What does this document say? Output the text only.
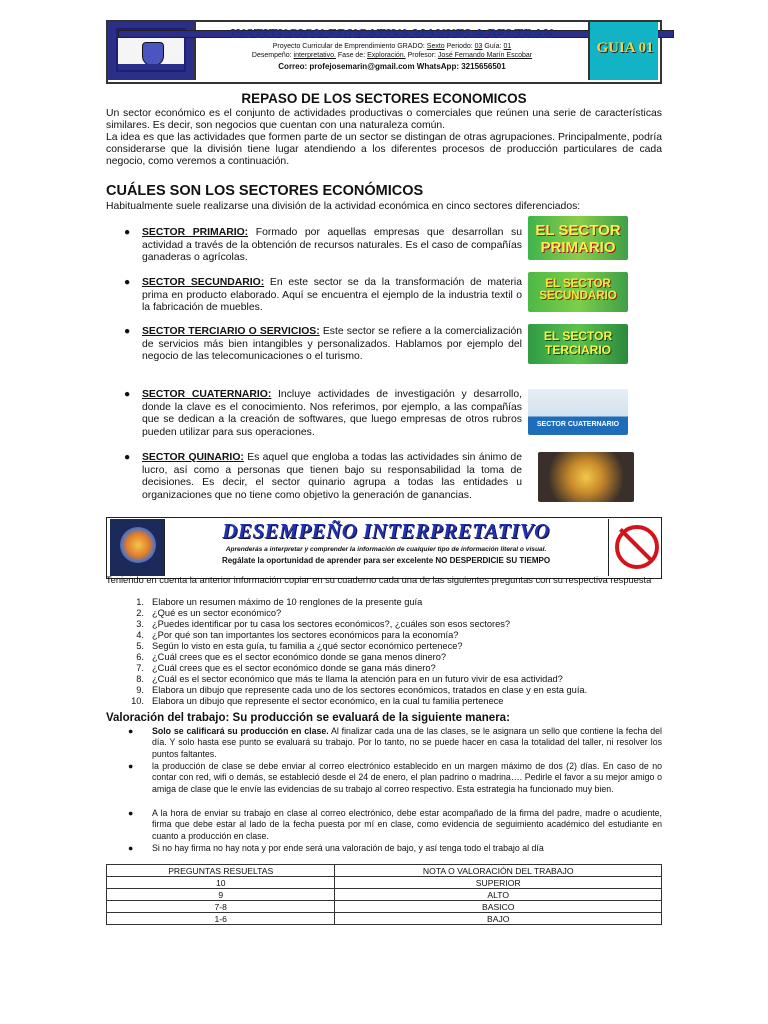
GUIA 01
INSTITUCION EDUCATIVA MANUELA BELTRAN
Proyecto Curricular de Emprendimiento GRADO: Sexto Periodo: 03 Guía: 01
Desempeño: interpretativo. Fase de: Exploración. Profesor: José Fernando Marín Escobar
Correo: profejosemarin@gmail.com WhatsApp: 3215656501
REPASO DE LOS SECTORES ECONOMICOS
Un sector económico es el conjunto de actividades productivas o comerciales que reúnen una serie de características similares. Es decir, son negocios que cuentan con una naturaleza común.
La idea es que las actividades que formen parte de un sector se distingan de otras agrupaciones. Principalmente, podría considerarse que la división tiene lugar atendiendo a los diferentes procesos de producción particulares de cada negocio, como veremos a continuación.
CUÁLES SON LOS SECTORES ECONÓMICOS
Habitualmente suele realizarse una división de la actividad económica en cinco sectores diferenciados:
● SECTOR PRIMARIO: Formado por aquellas empresas que desarrollan su actividad a través de la obtención de recursos naturales. Es el caso de compañías ganaderas o agrícolas.
● SECTOR SECUNDARIO: En este sector se da la transformación de materia prima en producto elaborado. Aquí se encuentra el ejemplo de la industria textil o la fabricación de muebles.
● SECTOR TERCIARIO O SERVICIOS: Este sector se refiere a la comercialización de servicios más bien intangibles y personalizados. Hablamos por ejemplo del negocio de las telecomunicaciones o el turismo.
● SECTOR CUATERNARIO: Incluye actividades de investigación y desarrollo, donde la clave es el conocimiento. Nos referimos, por ejemplo, a las compañías que se dedican a la creación de softwares, que luego empresas de otros rubros pueden utilizar para sus operaciones.
● SECTOR QUINARIO: Es aquel que engloba a todas las actividades sin ánimo de lucro, así como a personas que tienen bajo su responsabilidad la toma de decisiones. Es decir, el sector quinario agrupa a todas las entidades u organizaciones que no tiene como objetivo la generación de ganancias.
EL SECTOR PRIMARIO
EL SECTOR SECUNDARIO
EL SECTOR TERCIARIO
SECTOR CUATERNARIO
DESEMPEÑO INTERPRETATIVO
Aprenderás a interpretar y comprender la información de cualquier tipo de información literal o visual.
Regálate la oportunidad de aprender para ser excelente NO DESPERDICIE SU TIEMPO
Teniendo en cuenta la anterior información copiar en su cuaderno cada una de las siguientes preguntas con su respectiva respuesta
1. Elabore un resumen máximo de 10 renglones de la presente guía
2. ¿Qué es un sector económico?
3. ¿Puedes identificar por tu casa los sectores económicos?, ¿cuáles son esos sectores?
4. ¿Por qué son tan importantes los sectores económicos para la economía?
5. Según lo visto en esta guía, tu familia a ¿qué sector económico pertenece?
6. ¿Cuál crees que es el sector económico donde se gana menos dinero?
7. ¿Cuál crees que es el sector económico donde se gana más dinero?
8. ¿Cuál es el sector económico que más te llama la atención para en un futuro vivir de esa actividad?
9. Elabora un dibujo que represente cada uno de los sectores económicos, tratados en clase y en esta guía.
10. Elabora un dibujo que represente el sector económico, en la cual tu familia pertenece
Valoración del trabajo: Su producción se evaluará de la siguiente manera:
● Solo se calificará su producción en clase. Al finalizar cada una de las clases, se le asignara un sello que contiene la fecha del día. Y solo hasta ese punto se evaluará su trabajo. Por lo tanto, no se puede hacer en casa la totalidad del taller, ni resolver los puntos faltantes.
● la producción de clase se debe enviar al correo electrónico establecido en un margen máximo de dos (2) días. En caso de no contar con red, wifi o demás, se estableció desde el 24 de enero, el plan padrino o madrina…. Pedirle el favor a su mejor amigo o amiga de clase que le envíe las evidencias de su trabajo al correo respectivo. Esta estrategia ha funcionado muy bien.
● A la hora de enviar su trabajo en clase al correo electrónico, debe estar acompañado de la firma del padre, madre o acudiente, firma que debe estar al lado de la fecha puesta por mí en clase, como evidencia de seguimiento académico del estudiante en cuanto a producción en clase.
● Si no hay firma no hay nota y por ende será una valoración de bajo, y así tenga todo el trabajo al día
PREGUNTAS RESUELTAS	NOTA O VALORACIÓN DEL TRABAJO
10	SUPERIOR
9	ALTO
7-8	BASICO
1-6	BAJO
